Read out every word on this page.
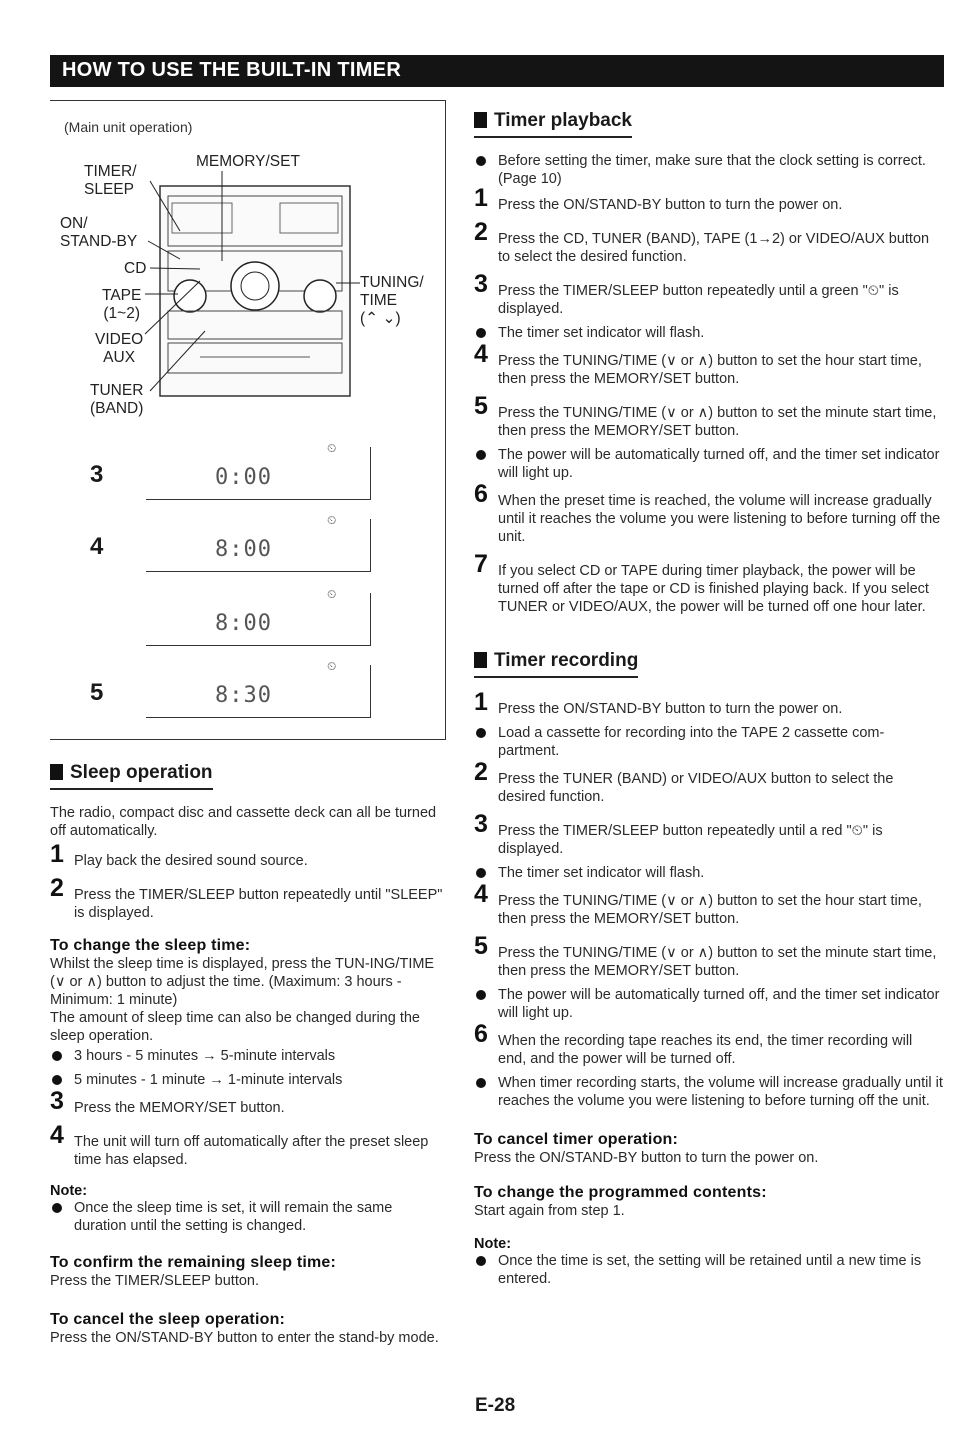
HOW TO USE THE BUILT-IN TIMER
(Main unit operation)
TIMER/
SLEEP
MEMORY/SET
ON/
STAND-BY
CD
TAPE
(1~2)
VIDEO
AUX
TUNER
(BAND)
TUNING/
TIME
(⌃ ⌄)
3
⏲
0:00
4
⏲
8:00
⏲
8:00
5
⏲
8:30
Sleep operation
The radio, compact disc and cassette deck can all be turned off automatically.
1 Play back the desired sound source.
2 Press the TIMER/SLEEP button repeatedly until "SLEEP" is displayed.
To change the sleep time:
Whilst the sleep time is displayed, press the TUN-ING/TIME (∨ or ∧) button to adjust the time. (Maximum: 3 hours - Minimum: 1 minute)
The amount of sleep time can also be changed during the sleep operation.
3 hours - 5 minutes → 5-minute intervals
5 minutes - 1 minute → 1-minute intervals
3 Press the MEMORY/SET button.
4 The unit will turn off automatically after the preset sleep time has elapsed.
Note:
Once the sleep time is set, it will remain the same duration until the setting is changed.
To confirm the remaining sleep time:
Press the TIMER/SLEEP button.
To cancel the sleep operation:
Press the ON/STAND-BY button to enter the stand-by mode.
Timer playback
Before setting the timer, make sure that the clock setting is correct. (Page 10)
1 Press the ON/STAND-BY button to turn the power on.
2 Press the CD, TUNER (BAND), TAPE (1→2) or VIDEO/AUX button to select the desired function.
3 Press the TIMER/SLEEP button repeatedly until a green "⏲" is displayed.
The timer set indicator will flash.
4 Press the TUNING/TIME (∨ or ∧) button to set the hour start time, then press the MEMORY/SET button.
5 Press the TUNING/TIME (∨ or ∧) button to set the minute start time, then press the MEMORY/SET button.
The power will be automatically turned off, and the timer set indicator will light up.
6 When the preset time is reached, the volume will increase gradually until it reaches the volume you were listening to before turning off the unit.
7 If you select CD or TAPE during timer playback, the power will be turned off after the tape or CD is finished playing back. If you select TUNER or VIDEO/AUX, the power will be turned off one hour later.
Timer recording
1 Press the ON/STAND-BY button to turn the power on.
Load a cassette for recording into the TAPE 2 cassette com-partment.
2 Press the TUNER (BAND) or VIDEO/AUX button to select the desired function.
3 Press the TIMER/SLEEP button repeatedly until a red "⏲" is displayed.
The timer set indicator will flash.
4 Press the TUNING/TIME (∨ or ∧) button to set the hour start time, then press the MEMORY/SET button.
5 Press the TUNING/TIME (∨ or ∧) button to set the minute start time, then press the MEMORY/SET button.
The power will be automatically turned off, and the timer set indicator will light up.
6 When the recording tape reaches its end, the timer recording will end, and the power will be turned off.
When timer recording starts, the volume will increase gradually until it reaches the volume you were listening to before turning off the unit.
To cancel timer operation:
Press the ON/STAND-BY button to turn the power on.
To change the programmed contents:
Start again from step 1.
Note:
Once the time is set, the setting will be retained until a new time is entered.
E-28
